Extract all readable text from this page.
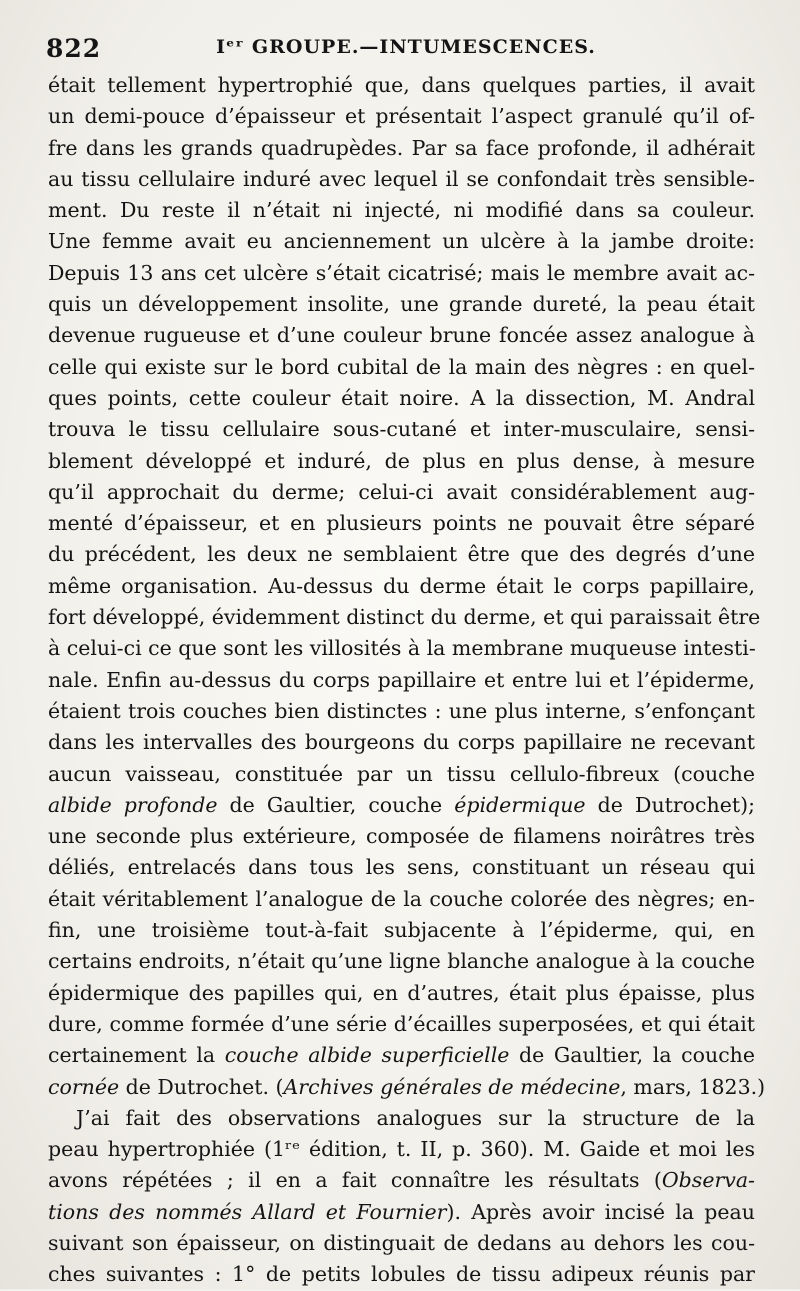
822	Iᵉʳ GROUPE.—INTUMESCENCES.
était tellement hypertrophié que, dans quelques parties, il avait
un demi-pouce d’épaisseur et présentait l’aspect granulé qu’il of-
fre dans les grands quadrupèdes. Par sa face profonde, il adhérait
au tissu cellulaire induré avec lequel il se confondait très sensible-
ment. Du reste il n’était ni injecté, ni modifié dans sa couleur.
Une femme avait eu anciennement un ulcère à la jambe droite:
Depuis 13 ans cet ulcère s’était cicatrisé; mais le membre avait ac-
quis un développement insolite, une grande dureté, la peau était
devenue rugueuse et d’une couleur brune foncée assez analogue à
celle qui existe sur le bord cubital de la main des nègres : en quel-
ques points, cette couleur était noire. A la dissection, M. Andral
trouva le tissu cellulaire sous-cutané et inter-musculaire, sensi-
blement développé et induré, de plus en plus dense, à mesure
qu’il approchait du derme; celui-ci avait considérablement aug-
menté d’épaisseur, et en plusieurs points ne pouvait être séparé
du précédent, les deux ne semblaient être que des degrés d’une
même organisation. Au-dessus du derme était le corps papillaire,
fort développé, évidemment distinct du derme, et qui paraissait être
à celui-ci ce que sont les villosités à la membrane muqueuse intesti-
nale. Enfin au-dessus du corps papillaire et entre lui et l’épiderme,
étaient trois couches bien distinctes : une plus interne, s’enfonçant
dans les intervalles des bourgeons du corps papillaire ne recevant
aucun vaisseau, constituée par un tissu cellulo-fibreux (couche
albide profonde de Gaultier, couche épidermique de Dutrochet);
une seconde plus extérieure, composée de filamens noirâtres très
déliés, entrelacés dans tous les sens, constituant un réseau qui
était véritablement l’analogue de la couche colorée des nègres; en-
fin, une troisième tout-à-fait subjacente à l’épiderme, qui, en
certains endroits, n’était qu’une ligne blanche analogue à la couche
épidermique des papilles qui, en d’autres, était plus épaisse, plus
dure, comme formée d’une série d’écailles superposées, et qui était
certainement la couche albide superficielle de Gaultier, la couche
cornée de Dutrochet. (Archives générales de médecine, mars, 1823.)
J’ai fait des observations analogues sur la structure de la
peau hypertrophiée (1ʳᵉ édition, t. II, p. 360). M. Gaide et moi les
avons répétées ; il en a fait connaître les résultats (Observa-
tions des nommés Allard et Fournier). Après avoir incisé la peau
suivant son épaisseur, on distinguait de dedans au dehors les cou-
ches suivantes : 1° de petits lobules de tissu adipeux réunis par
